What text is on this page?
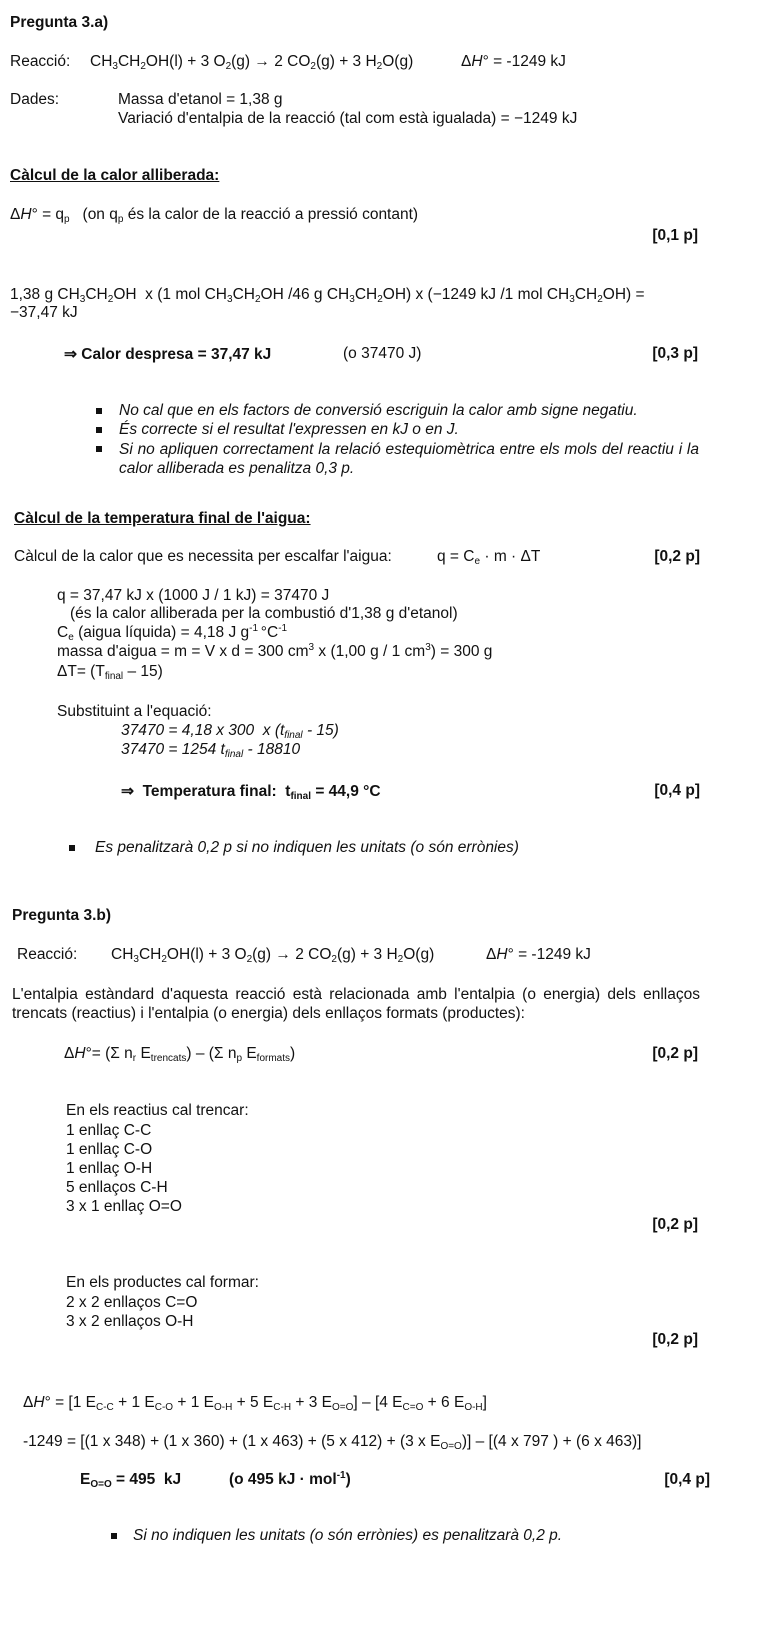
Pregunta 3.a)
Reacció: $CH_3CH_2OH(l) + 3$ $O_2(g) \to 2$ $CO_2(g) + 3$ $H_2O(g)$	ΔH° = -1249 kJ
Dades:	Massa d'etanol = 1,38 g
Variació d'entalpia de la reacció (tal com està igualada) = −1249 kJ
Càlcul de la calor alliberada:
$\Delta H^\circ = q_p$   (on $q_p$ és la calor de la reacció a pressió contant)
[0,1 p]
1,38 g $CH_3CH_2OH$  x (1 mol $CH_3CH_2OH$ /46 g $CH_3CH_2OH$) x (−1249 kJ /1 mol $CH_3CH_2OH$) =
−37,47 kJ
⇒ Calor despresa = 37,47 kJ	(o 37470 J)	[0,3 p]
No cal que en els factors de conversió escriguin la calor amb signe negatiu.
És correcte si el resultat l'expressen en kJ o en J.
Si no apliquen correctament la relació estequiomètrica entre els mols del reactiu i la calor alliberada es penalitza 0,3 p.
Càlcul de la temperatura final de l'aigua:
Càlcul de la calor que es necessita per escalfar l'aigua:	$q = C_e \cdot m \cdot \Delta T$	[0,2 p]
q = 37,47 kJ x (1000 J / 1 kJ) = 37470 J
(és la calor alliberada per la combustió d'1,38 g d'etanol)
$C_e$ (aigua líquida) = 4,18 J $g^{-1}$ $^\circ C^{-1}$
massa d'aigua = m = V x d = 300 $cm^3$ x (1,00 g / 1 $cm^3) = 300$ g
$\Delta T= (T_{final} - 15)$
Substituint a l'equació:
37470 = 4,18 x 300  x $(t_{final} - 15)$
37470 = 1254 $t_{final} - 18810$
⇒  Temperatura final:  $t_{final} = 44,9$ °C	[0,4 p]
Es penalitzarà 0,2 p si no indiquen les unitats (o són errònies)
Pregunta 3.b)
Reacció: $CH_3CH_2OH(l) + 3$ $O_2(g) \to 2$ $CO_2(g) + 3$ $H_2O(g)$	ΔH° = -1249 kJ
L'entalpia estàndard d'aquesta reacció està relacionada amb l'entalpia (o energia) dels enllaços trencats (reactius) i l'entalpia (o energia) dels enllaços formats (productes):
ΔH°= (Σ $n_r$ $E_{trencats}) - (\Sigma$ $n_p$ $E_{formats}$)	[0,2 p]
En els reactius cal trencar:
1 enllaç C-C
1 enllaç C-O
1 enllaç O-H
5 enllaços C-H
3 x 1 enllaç O=O
[0,2 p]
En els productes cal formar:
2 x 2 enllaços C=O
3 x 2 enllaços O-H
[0,2 p]
ΔH° = [1 $E_{C-C} + 1$ $E_{C-O} + 1$ $E_{O-H} + 5$ $E_{C-H} + 3$ $E_{O=O}] - [4$ $E_{C=O} + 6$ $E_{O-H}$]
-1249 = [(1 x 348) + (1 x 360) + (1 x 463) + (5 x 412) + (3 x $E_{O=O})] - [(4$ x 797 ) + (6 x 463)]
$E_{O=O} = 495$  kJ	(o 495 kJ · mol$^{-1}$)	[0,4 p]
Si no indiquen les unitats (o són errònies) es penalitzarà 0,2 p.
